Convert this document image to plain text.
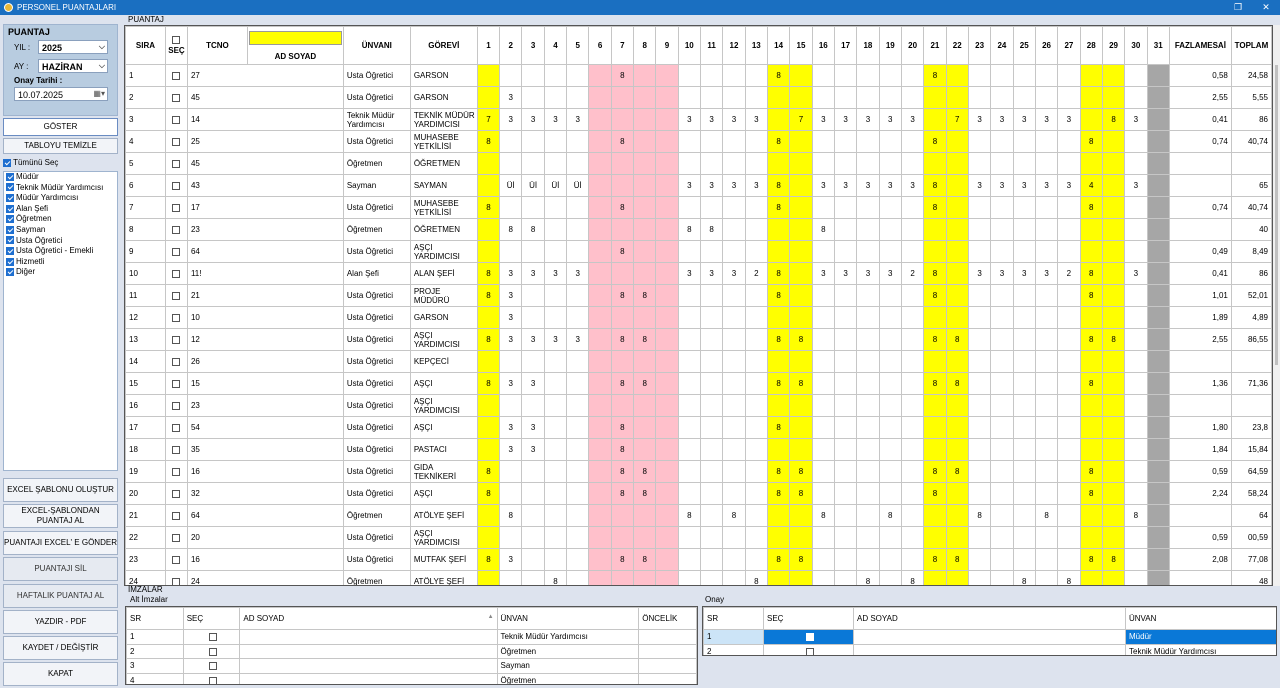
PERSONEL PUANTAJLARI	❐	✕
PUANTAJ
YIL :	2025	⌵
AY :	HAZİRAN ⌵
Onay Tarihi :
10.07.2025	▦▾
GÖSTER
TABLOYU TEMİZLE
Tümünü Seç
Müdür
Teknik Müdür Yardımcısı
Müdür Yardımcısı
Alan Şefi
Öğretmen
Sayman
Usta Öğretici
Usta Öğretici - Emekli
Hizmetli
Diğer
EXCEL ŞABLONU OLUŞTUR
EXCEL-ŞABLONDAN PUANTAJ AL
PUANTAJI EXCEL' E GÖNDER
PUANTAJI SİL
HAFTALIK PUANTAJ AL
YAZDIR - PDF
KAYDET / DEĞİŞTİR
KAPAT
PUANTAJ
SIRA	SEÇ	TCNO	AD SOYAD	ÜNVANI	GÖREVİ	1	2	3	4	5	6	7	8	9	10	11	12	13	14	15	16	17	18	19	20	21	22	23	24	25	26	27	28	29	30	31	FAZLAMESAİ	TOPLAM
1		27		Usta Öğretici	GARSON							8							8							8											0,58	24,58
2		45		Usta Öğretici	GARSON		3																														2,55	5,55
3		14		Teknik Müdür Yardımcısı	TEKNİK MÜDÜR YARDIMCISI	7	3	3	3	3					3	3	3	3		7	3	3	3	3	3		7	3	3	3	3	3		8	3		0,41	86
4		25		Usta Öğretici	MUHASEBE YETKİLİSİ	8						8							8							8							8				0,74	40,74
5		45		Öğretmen	ÖĞRETMEN																																	
6		43		Sayman	SAYMAN		Üİ	Üİ	Üİ	Üİ					3	3	3	3	8		3	3	3	3	3	8		3	3	3	3	3	4		3			65
7		17		Usta Öğretici	MUHASEBE YETKİLİSİ	8						8							8							8							8				0,74	40,74
8		23		Öğretmen	ÖĞRETMEN		8	8							8	8					8																	40
9		64		Usta Öğretici	AŞÇI YARDIMCISI							8																									0,49	8,49
10		11!		Alan Şefi	ALAN ŞEFİ	8	3	3	3	3					3	3	3	2	8		3	3	3	3	2	8		3	3	3	3	2	8		3		0,41	86
11		21		Usta Öğretici	PROJE MÜDÜRÜ	8	3					8	8						8							8							8				1,01	52,01
12		10		Usta Öğretici	GARSON		3																														1,89	4,89
13		12		Usta Öğretici	AŞÇI YARDIMCISI	8	3	3	3	3		8	8						8	8						8	8						8	8			2,55	86,55
14		26		Usta Öğretici	KEPÇECİ																																	
15		15		Usta Öğretici	AŞÇI	8	3	3				8	8						8	8						8	8						8				1,36	71,36
16		23		Usta Öğretici	AŞÇI YARDIMCISI																																	
17		54		Usta Öğretici	AŞÇI		3	3				8							8																		1,80	23,8
18		35		Usta Öğretici	PASTACI		3	3				8																									1,84	15,84
19		16		Usta Öğretici	GIDA TEKNİKERİ	8						8	8						8	8						8	8						8				0,59	64,59
20		32		Usta Öğretici	AŞÇI	8						8	8						8	8						8							8				2,24	58,24
21		64		Öğretmen	ATÖLYE ŞEFİ		8								8		8				8			8				8			8				8			64
22		20		Usta Öğretici	AŞÇI YARDIMCISI																																0,59	00,59
23		16		Usta Öğretici	MUTFAK ŞEFİ	8	3					8	8						8	8						8	8						8	8			2,08	77,08
24		24		Öğretmen	ATÖLYE ŞEFİ				8									8					8		8					8		8						48
İMZALAR
Alt İmzalar	Onay
SR	SEÇ	AD SOYAD ▲	ÜNVAN	ÖNCELİK
1			Teknik Müdür Yardımcısı	
2			Öğretmen	
3			Sayman	
4			Öğretmen	
SR	SEÇ	AD SOYAD	ÜNVAN
1			Müdür
2			Teknik Müdür Yardımcısı
